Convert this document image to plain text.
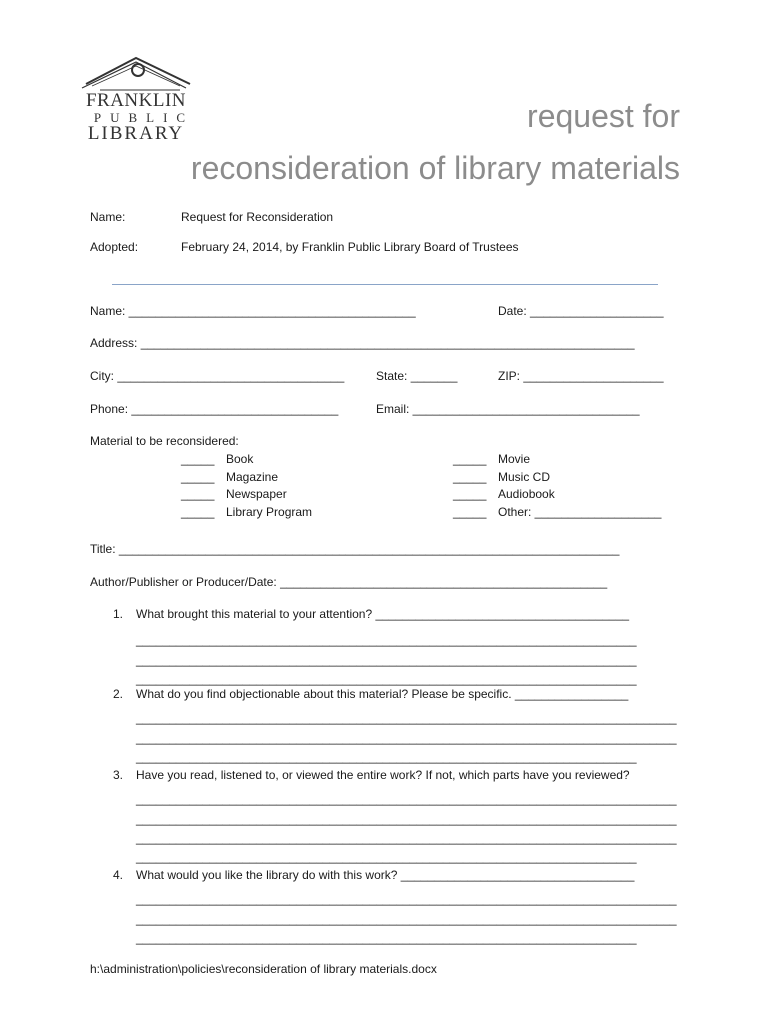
FRANKLIN
PUBLIC
LIBRARY	request for
reconsideration of library materials
Name:	Request for Reconsideration
Adopted:	February 24, 2014, by Franklin Public Library Board of Trustees
Name: ___________________________________________	Date: ____________________
Address: __________________________________________________________________________
City: __________________________________	State: _______	ZIP: _____________________
Phone: _______________________________	Email: __________________________________
Material to be reconsidered:
_____ Book
_____ Magazine
_____ Newspaper
_____ Library Program
_____ Movie
_____ Music CD
_____ Audiobook
_____ Other: ___________________
Title: ___________________________________________________________________________
Author/Publisher or Producer/Date: _________________________________________________
1. What brought this material to your attention? ______________________________________
___________________________________________________________________________
___________________________________________________________________________
___________________________________________________________________________
2. What do you find objectionable about this material? Please be specific. _________________
_________________________________________________________________________________
_________________________________________________________________________________
___________________________________________________________________________
3. Have you read, listened to, or viewed the entire work? If not, which parts have you reviewed?
_________________________________________________________________________________
_________________________________________________________________________________
_________________________________________________________________________________
___________________________________________________________________________
4. What would you like the library do with this work? ___________________________________
_________________________________________________________________________________
_________________________________________________________________________________
___________________________________________________________________________
h:\administration\policies\reconsideration of library materials.docx
